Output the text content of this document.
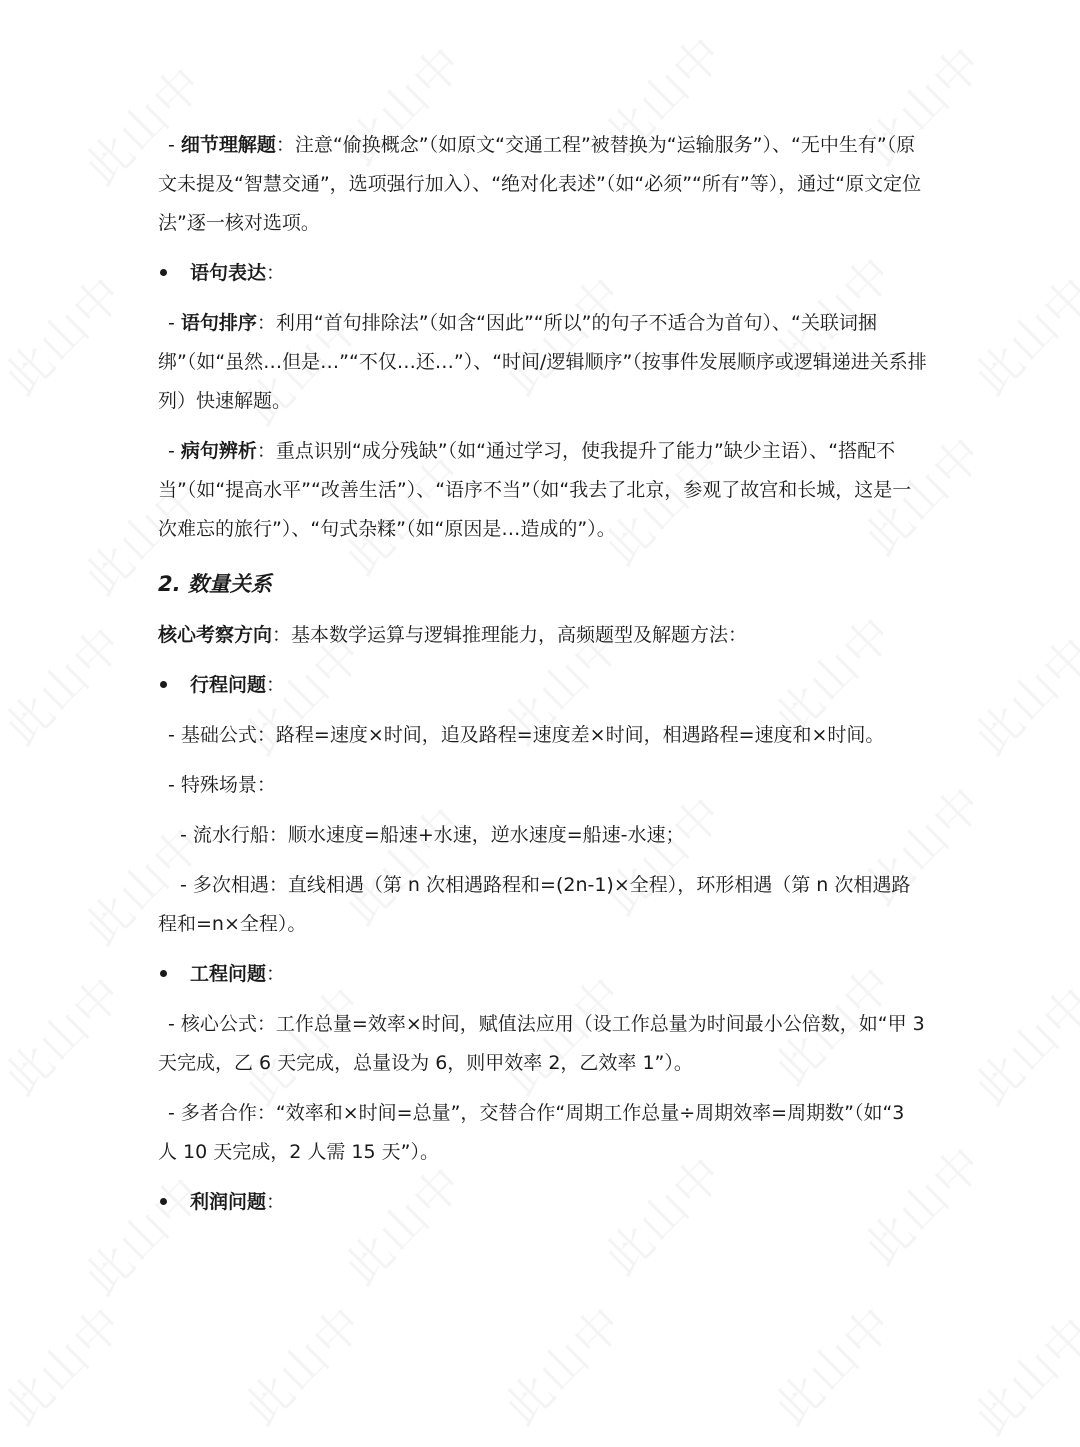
- 细节理解题：注意“偷换概念”（如原文“交通工程”被替换为“运输服务”）、“无中生有”（原文未提及“智慧交通”，选项强行加入）、“绝对化表述”（如“必须”“所有”等），通过“原文定位法”逐一核对选项。

语句表达：

- 语句排序：利用“首句排除法”（如含“因此”“所以”的句子不适合为首句）、“关联词捆绑”（如“虽然…但是…”“不仅…还…”）、“时间/逻辑顺序”（按事件发展顺序或逻辑递进关系排列）快速解题。

- 病句辨析：重点识别“成分残缺”（如“通过学习，使我提升了能力”缺少主语）、“搭配不当”（如“提高水平”“改善生活”）、“语序不当”（如“我去了北京，参观了故宫和长城，这是一次难忘的旅行”）、“句式杂糅”（如“原因是…造成的”）。

2. 数量关系

核心考察方向：基本数学运算与逻辑推理能力，高频题型及解题方法：

行程问题：

- 基础公式：路程=速度×时间，追及路程=速度差×时间，相遇路程=速度和×时间。

- 特殊场景：

- 流水行船：顺水速度=船速+水速，逆水速度=船速-水速；

- 多次相遇：直线相遇（第 n 次相遇路程和=(2n-1)×全程），环形相遇（第 n 次相遇路程和=n×全程）。

工程问题：

- 核心公式：工作总量=效率×时间，赋值法应用（设工作总量为时间最小公倍数，如“甲 3 天完成，乙 6 天完成，总量设为 6，则甲效率 2，乙效率 1”）。

- 多者合作：“效率和×时间=总量”，交替合作“周期工作总量÷周期效率=周期数”（如“3 人 10 天完成，2 人需 15 天”）。

利润问题：
